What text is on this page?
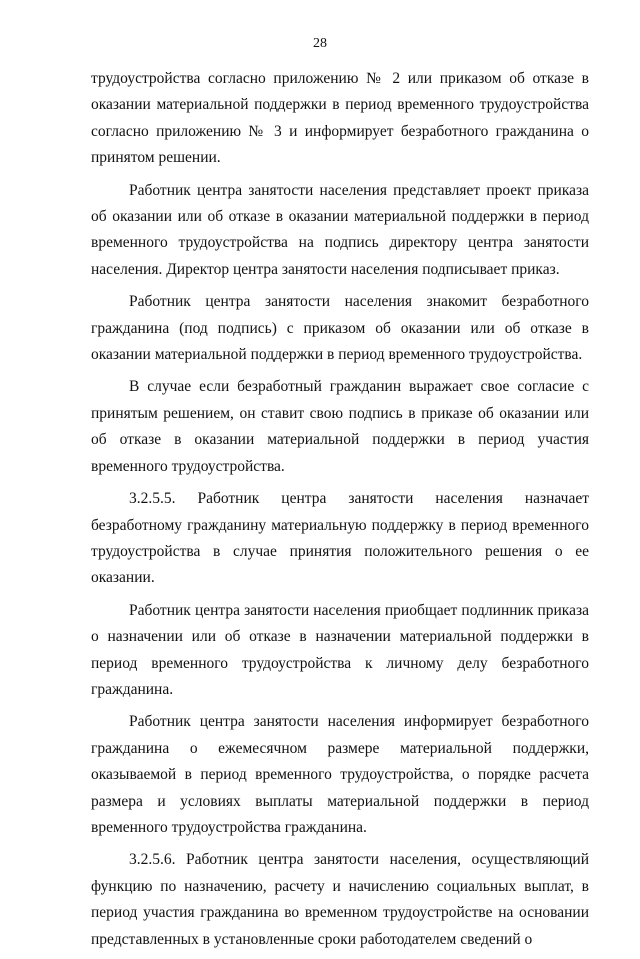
28

трудоустройства согласно приложению № 2 или приказом об отказе в оказании материальной поддержки в период временного трудоустройства согласно приложению № 3 и информирует безработного гражданина о принятом решении.

Работник центра занятости населения представляет проект приказа об оказании или об отказе в оказании материальной поддержки в период временного трудоустройства на подпись директору центра занятости населения. Директор центра занятости населения подписывает приказ.

Работник центра занятости населения знакомит безработного гражданина (под подпись) с приказом об оказании или об отказе в оказании материальной поддержки в период временного трудоустройства.

В случае если безработный гражданин выражает свое согласие с принятым решением, он ставит свою подпись в приказе об оказании или об отказе в оказании материальной поддержки в период участия временного трудоустройства.

3.2.5.5. Работник центра занятости населения назначает безработному гражданину материальную поддержку в период временного трудоустройства в случае принятия положительного решения о ее оказании.

Работник центра занятости населения приобщает подлинник приказа о назначении или об отказе в назначении материальной поддержки в период временного трудоустройства к личному делу безработного гражданина.

Работник центра занятости населения информирует безработного гражданина о ежемесячном размере материальной поддержки, оказываемой в период временного трудоустройства, о порядке расчета размера и условиях выплаты материальной поддержки в период временного трудоустройства гражданина.

3.2.5.6. Работник центра занятости населения, осуществляющий функцию по назначению, расчету и начислению социальных выплат, в период участия гражданина во временном трудоустройстве на основании представленных в установленные сроки работодателем сведений о
